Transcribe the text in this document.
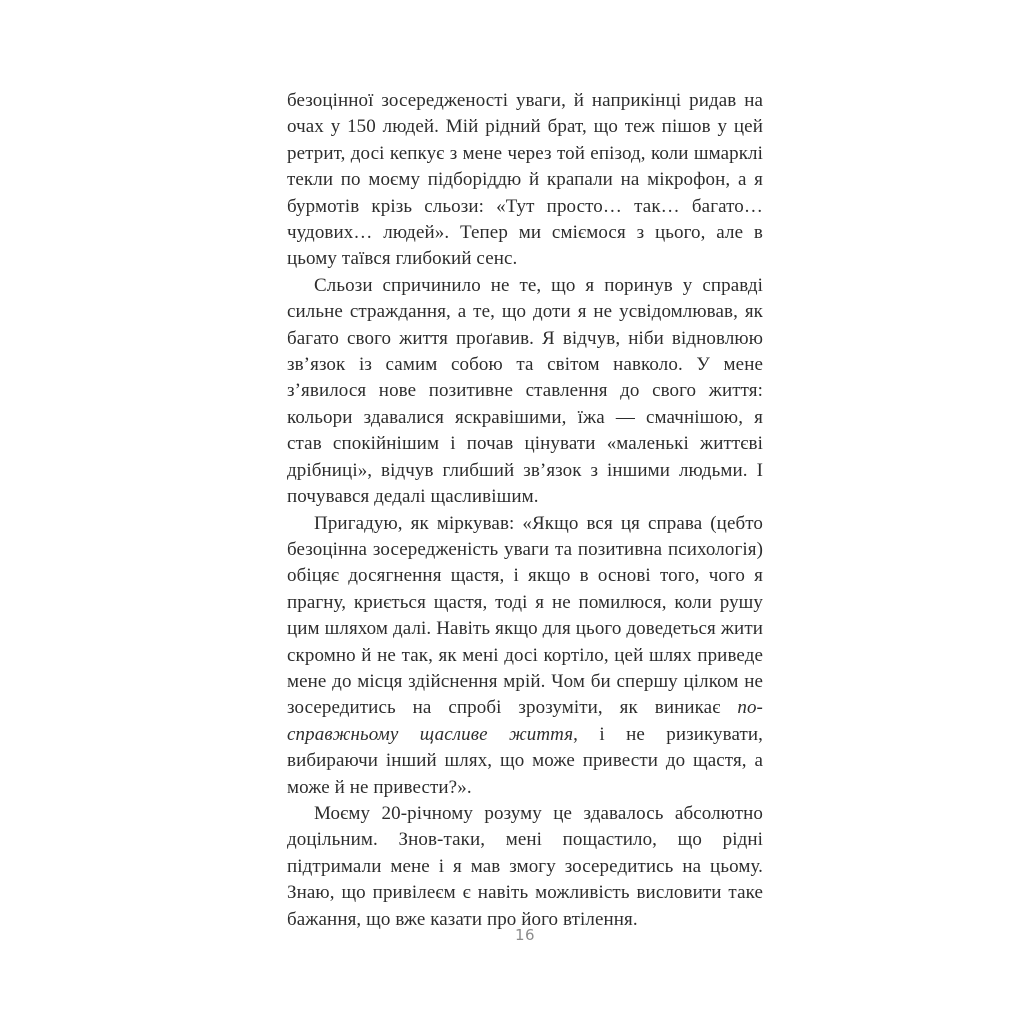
безоцінної зосередженості уваги, й наприкінці ридав на очах у 150 людей. Мій рідний брат, що теж пішов у цей ретрит, досі кепкує з мене через той епізод, коли шмарклі текли по моєму підборіддю й крапали на мікрофон, а я бурмотів крізь сльози: «Тут просто… так… багато… чудових… людей». Тепер ми сміємося з цього, але в цьому таївся глибокий сенс.

Сльози спричинило не те, що я поринув у справді сильне страждання, а те, що доти я не усвідомлював, як багато свого життя проґавив. Я відчув, ніби відновлюю зв’язок із самим собою та світом навколо. У мене з’явилося нове позитивне ставлення до свого життя: кольори здавалися яскравішими, їжа — смачнішою, я став спокійнішим і почав цінувати «маленькі життєві дрібниці», відчув глибший зв’язок з іншими людьми. І почувався дедалі щасливішим.

Пригадую, як міркував: «Якщо вся ця справа (цебто безоцінна зосередженість уваги та позитивна психологія) обіцяє досягнення щастя, і якщо в основі того, чого я прагну, криється щастя, тоді я не помилюся, коли рушу цим шляхом далі. Навіть якщо для цього доведеться жити скромно й не так, як мені досі кортіло, цей шлях приведе мене до місця здійснення мрій. Чом би спершу цілком не зосередитись на спробі зрозуміти, як виникає по-справжньому щасливе життя, і не ризикувати, вибираючи інший шлях, що може привести до щастя, а може й не привести?».

Моєму 20-річному розуму це здавалось абсолютно доцільним. Знов-таки, мені пощастило, що рідні підтримали мене і я мав змогу зосередитись на цьому. Знаю, що привілеєм є навіть можливість висловити таке бажання, що вже казати про його втілення.

16
